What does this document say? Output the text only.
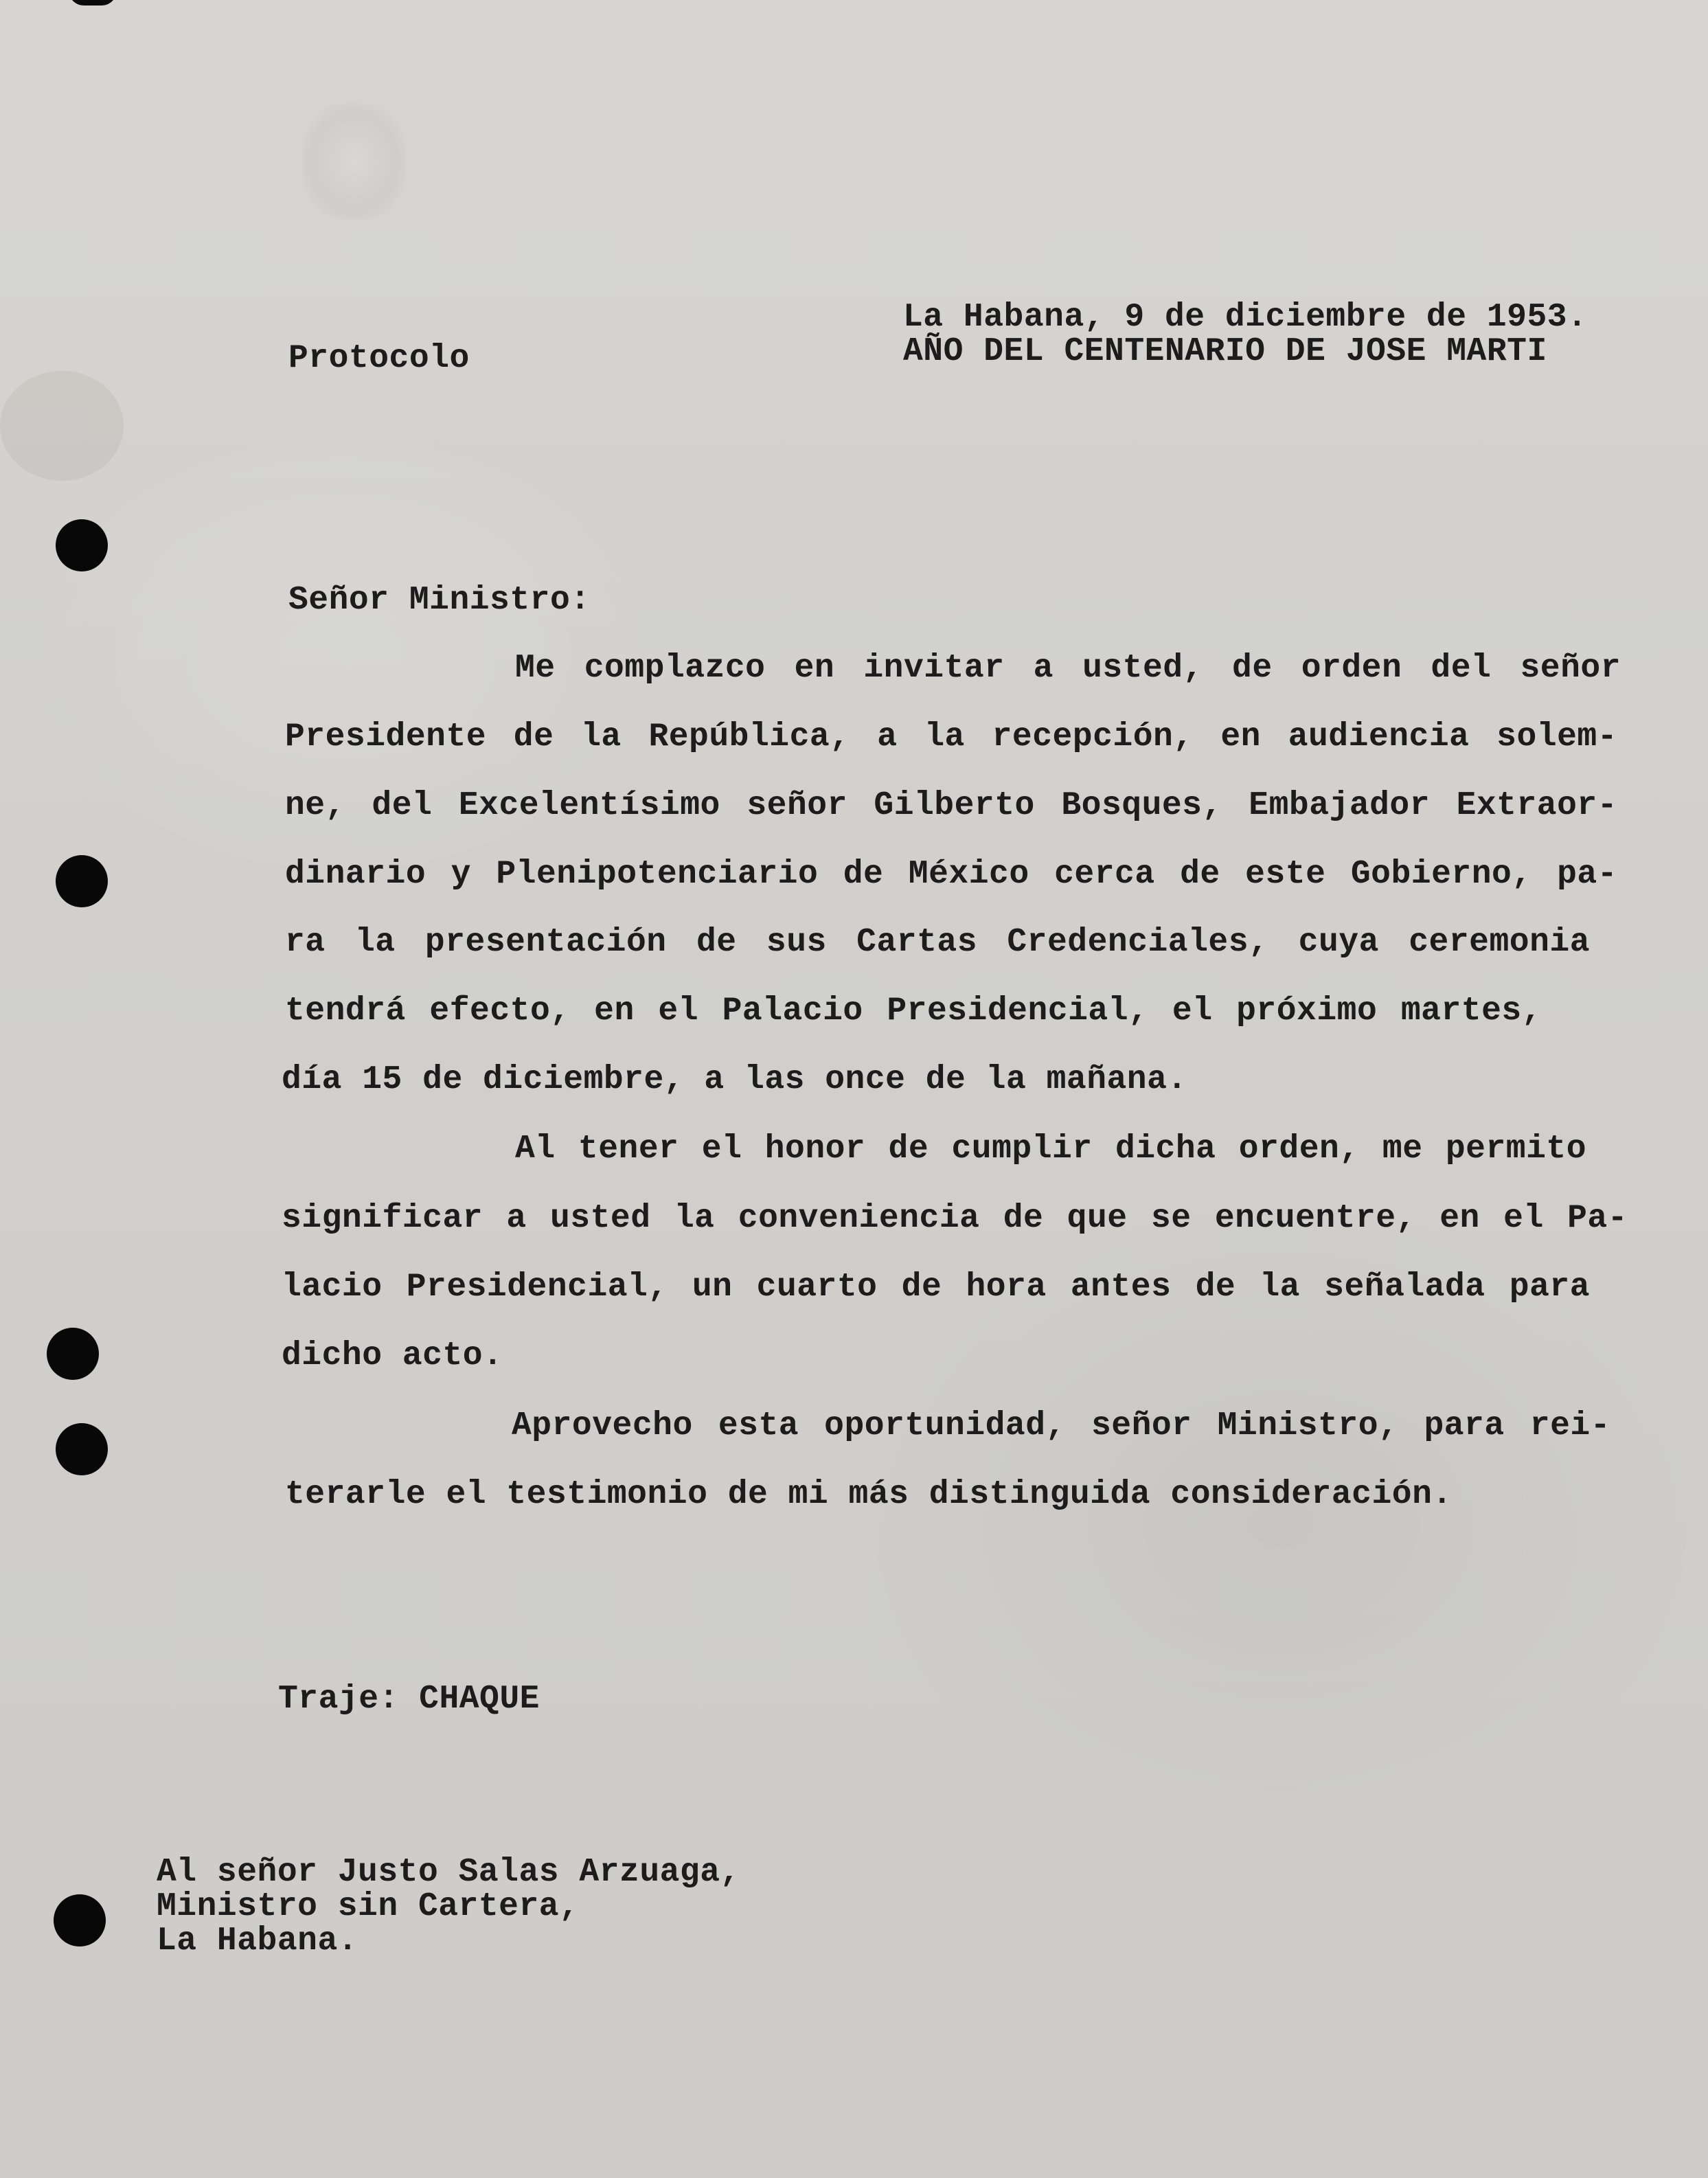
La Habana, 9 de diciembre de 1953.
AÑO DEL CENTENARIO DE JOSE MARTI
Protocolo
Señor Ministro:
Me complazco en invitar a usted, de orden del señor
Presidente de la República, a la recepción, en audiencia solem-
ne, del Excelentísimo señor Gilberto Bosques, Embajador Extraor-
dinario y Plenipotenciario de México cerca de este Gobierno, pa-
ra la presentación de sus Cartas Credenciales, cuya ceremonia
tendrá efecto, en el Palacio Presidencial, el próximo martes,
día 15 de diciembre, a las once de la mañana.
Al tener el honor de cumplir dicha orden, me permito
significar a usted la conveniencia de que se encuentre, en el Pa-
lacio Presidencial, un cuarto de hora antes de la señalada para
dicho acto.
Aprovecho esta oportunidad, señor Ministro, para rei-
terarle el testimonio de mi más distinguida consideración.
Traje: CHAQUE
Al señor Justo Salas Arzuaga,
Ministro sin Cartera,
La Habana.
